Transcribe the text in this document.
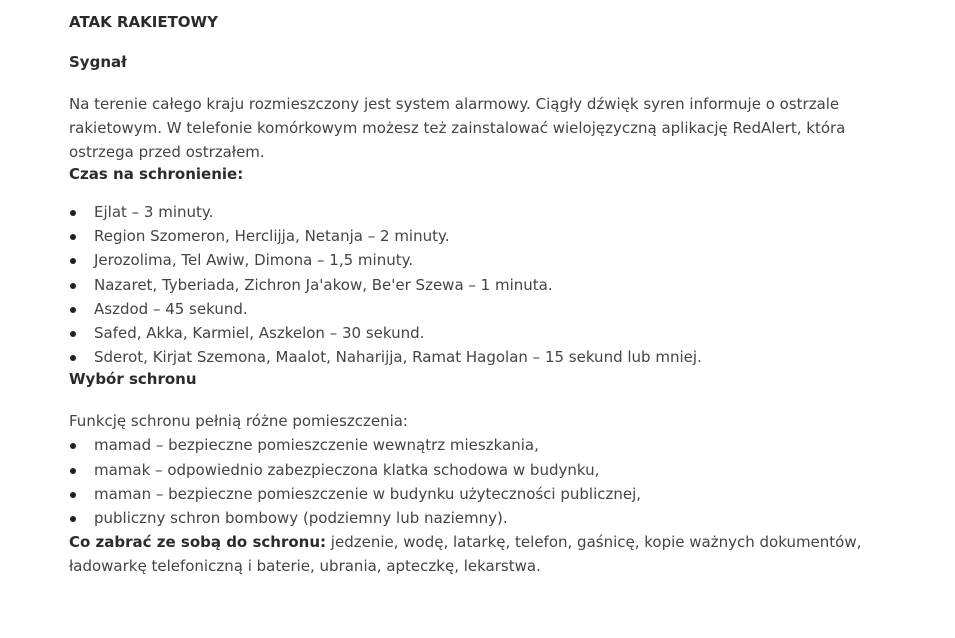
ATAK RAKIETOWY
Sygnał

Na terenie całego kraju rozmieszczony jest system alarmowy. Ciągły dźwięk syren informuje o ostrzale rakietowym. W telefonie komórkowym możesz też zainstalować wielojęzyczną aplikację RedAlert, która ostrzega przed ostrzałem.

Czas na schronienie:
Ejlat – 3 minuty.
Region Szomeron, Herclijja, Netanja – 2 minuty.
Jerozolima, Tel Awiw, Dimona – 1,5 minuty.
Nazaret, Tyberiada, Zichron Ja'akow, Be'er Szewa – 1 minuta.
Aszdod – 45 sekund.
Safed, Akka, Karmiel, Aszkelon – 30 sekund.
Sderot, Kirjat Szemona, Maalot, Naharijja, Ramat Hagolan – 15 sekund lub mniej.
Wybór schronu

Funkcję schronu pełnią różne pomieszczenia:

mamad – bezpieczne pomieszczenie wewnątrz mieszkania,
mamak – odpowiednio zabezpieczona klatka schodowa w budynku,
maman – bezpieczne pomieszczenie w budynku użyteczności publicznej,
publiczny schron bombowy (podziemny lub naziemny).

Co zabrać ze sobą do schronu: jedzenie, wodę, latarkę, telefon, gaśnicę, kopie ważnych dokumentów, ładowarkę telefoniczną i baterie, ubrania, apteczkę, lekarstwa.
